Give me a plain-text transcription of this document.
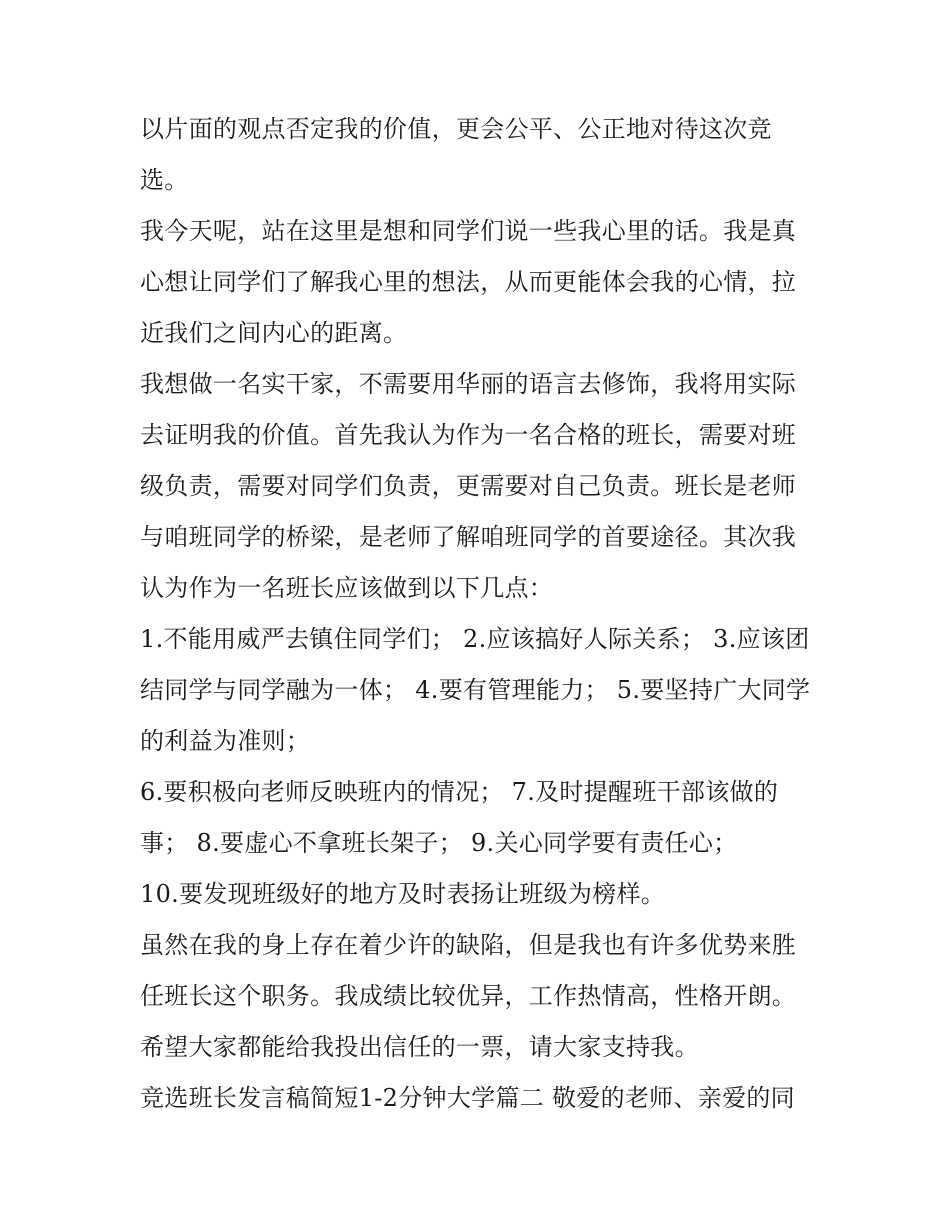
以片面的观点否定我的价值，更会公平、公正地对待这次竞
选。
我今天呢，站在这里是想和同学们说一些我心里的话。我是真
心想让同学们了解我心里的想法，从而更能体会我的心情，拉
近我们之间内心的距离。
我想做一名实干家，不需要用华丽的语言去修饰，我将用实际
去证明我的价值。首先我认为作为一名合格的班长，需要对班
级负责，需要对同学们负责，更需要对自己负责。班长是老师
与咱班同学的桥梁，是老师了解咱班同学的首要途径。其次我
认为作为一名班长应该做到以下几点：
1.不能用威严去镇住同学们； 2.应该搞好人际关系； 3.应该团
结同学与同学融为一体； 4.要有管理能力； 5.要坚持广大同学
的利益为准则；
6.要积极向老师反映班内的情况； 7.及时提醒班干部该做的
事； 8.要虚心不拿班长架子； 9.关心同学要有责任心；
10.要发现班级好的地方及时表扬让班级为榜样。
虽然在我的身上存在着少许的缺陷，但是我也有许多优势来胜
任班长这个职务。我成绩比较优异，工作热情高，性格开朗。
希望大家都能给我投出信任的一票，请大家支持我。
竞选班长发言稿简短1-2分钟大学篇二 敬爱的老师、亲爱的同
